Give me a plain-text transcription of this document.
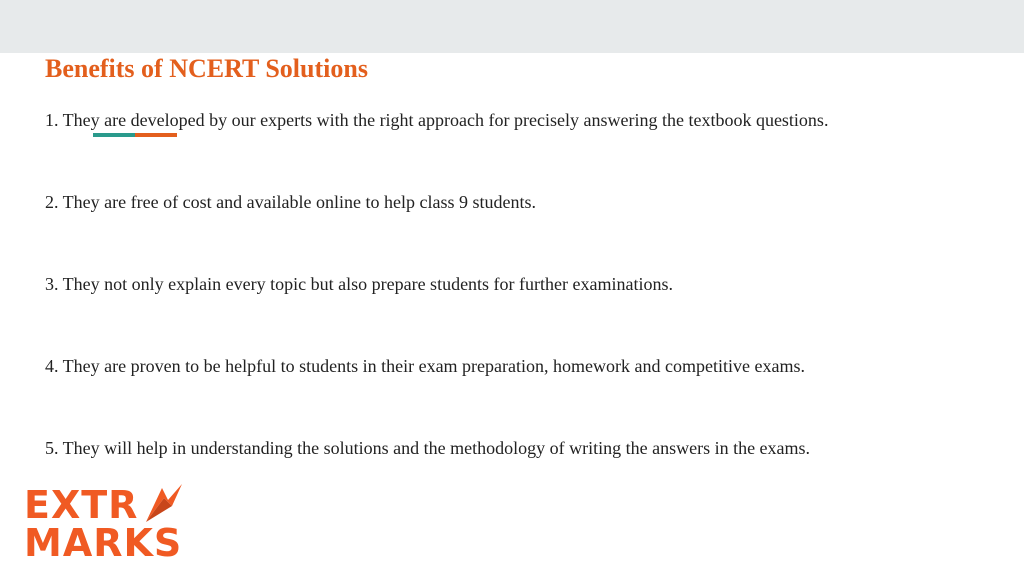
Benefits of NCERT Solutions

1. They are developed by our experts with the right approach for precisely answering the textbook questions.

2. They are free of cost and available online to help class 9 students.

3. They not only explain every topic but also prepare students for further examinations.

4. They are proven to be helpful to students in their exam preparation, homework and competitive exams.

5. They will help in understanding the solutions and the methodology of writing the answers in the exams.

EXTR
MARKS
